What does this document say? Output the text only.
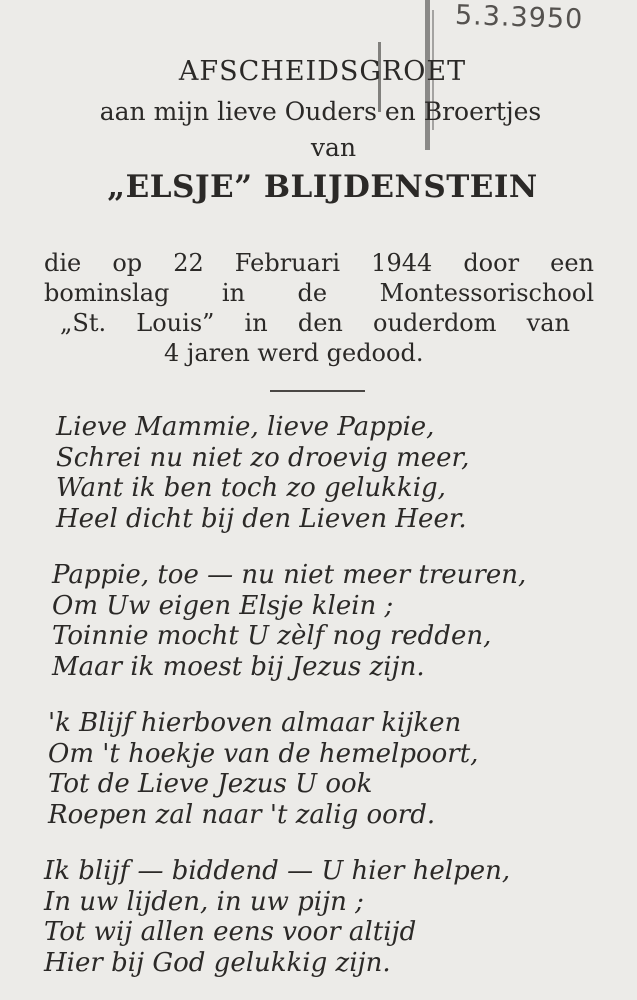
5.3.3950
AFSCHEIDSGROET
aan mijn lieve Ouders en Broertjes
van
„ELSJE” BLIJDENSTEIN
die op 22 Februari 1944 door een
bominslag in de Montessorischool
„St. Louis” in den ouderdom van
4 jaren werd gedood.
Lieve Mammie, lieve Pappie,
Schrei nu niet zo droevig meer,
Want ik ben toch zo gelukkig,
Heel dicht bij den Lieven Heer.
Pappie, toe — nu niet meer treuren,
Om Uw eigen Elsje klein ;
Toinnie mocht U zèlf nog redden,
Maar ik moest bij Jezus zijn.
'k Blijf hierboven almaar kijken
Om 't hoekje van de hemelpoort,
Tot de Lieve Jezus U ook
Roepen zal naar 't zalig oord.
Ik blijf — biddend — U hier helpen,
In uw lijden, in uw pijn ;
Tot wij allen eens voor altijd
Hier bij God gelukkig zijn.
